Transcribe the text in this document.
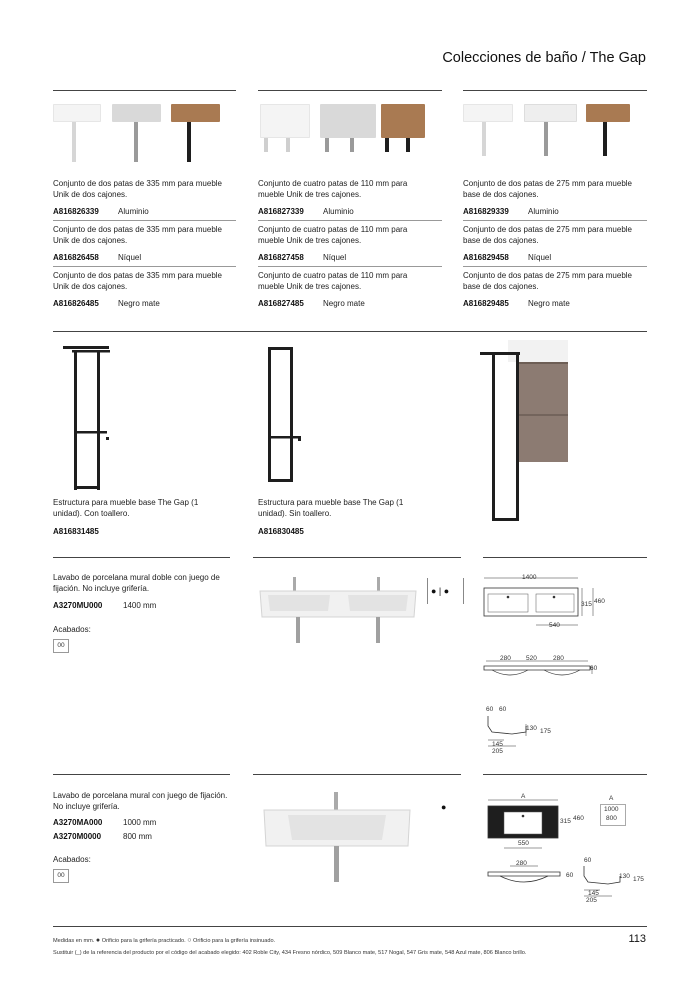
Colecciones de baño / The Gap
Conjunto de dos patas de 335 mm para mueble Unik de dos cajones.
A816826339 Aluminio
Conjunto de dos patas de 335 mm para mueble Unik de dos cajones.
A816826458 Níquel
Conjunto de dos patas de 335 mm para mueble Unik de dos cajones.
A816826485 Negro mate
Conjunto de cuatro patas de 110 mm para mueble Unik de tres cajones.
A816827339 Aluminio
Conjunto de cuatro patas de 110 mm para mueble Unik de tres cajones.
A816827458 Níquel
Conjunto de cuatro patas de 110 mm para mueble Unik de tres cajones.
A816827485 Negro mate
Conjunto de dos patas de 275 mm para mueble base de dos cajones.
A816829339 Aluminio
Conjunto de dos patas de 275 mm para mueble base de dos cajones.
A816829458 Níquel
Conjunto de dos patas de 275 mm para mueble base de dos cajones.
A816829485 Negro mate
Estructura para mueble base The Gap (1 unidad). Con toallero.
A816831485
Estructura para mueble base The Gap (1 unidad). Sin toallero.
A816830485
Lavabo de porcelana mural doble con juego de fijación. No incluye grifería.
A3270MU000	1400 mm
Acabados:
00
● | ●
1400
315 460
540
280 520 280
60
60 60
130 175
145
205
Lavabo de porcelana mural con juego de fijación. No incluye grifería.
A3270MA000	1000 mm
A3270M0000	800 mm
Acabados:
00
●
A
315 460
550
A
1000
800
280
60
60
130 175
145
205
Medidas en mm. ● Orificio para la grifería practicado. ○ Orificio para la grifería insinuado.
Sustituir (_) de la referencia del producto por el código del acabado elegido: 402 Roble City, 434 Fresno nórdico, 509 Blanco mate, 517 Nogal, 547 Gris mate, 548 Azul mate, 806 Blanco brillo.
113
